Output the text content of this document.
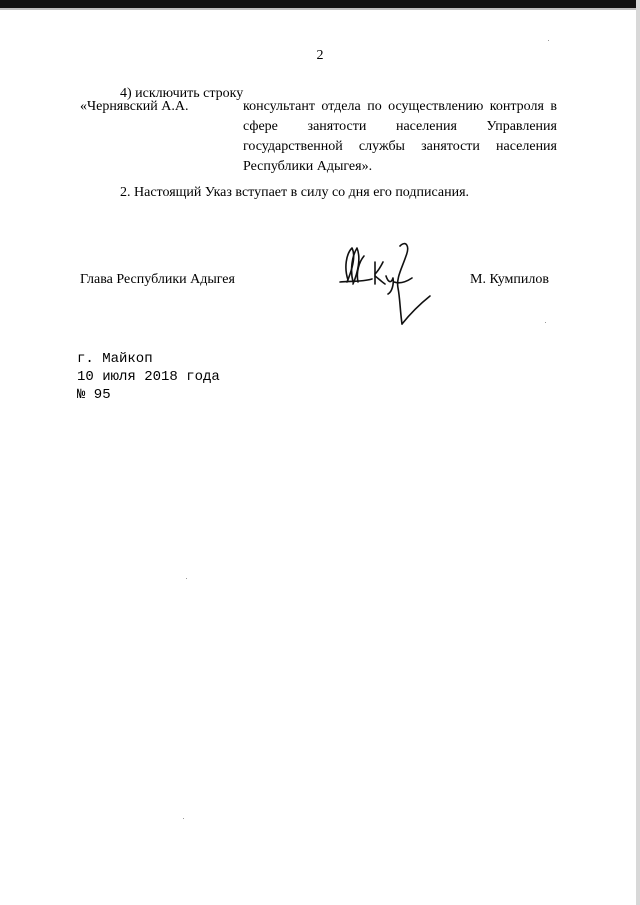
2
4) исключить строку
«Чернявский А.А.	консультант отдела по осуществлению контроля в сфере занятости населения Управления государственной службы занятости населения Республики Адыгея».
2. Настоящий Указ вступает в силу со дня его подписания.
Глава Республики Адыгея	М. Кумпилов
г. Майкоп
10 июля 2018 года
№ 95
